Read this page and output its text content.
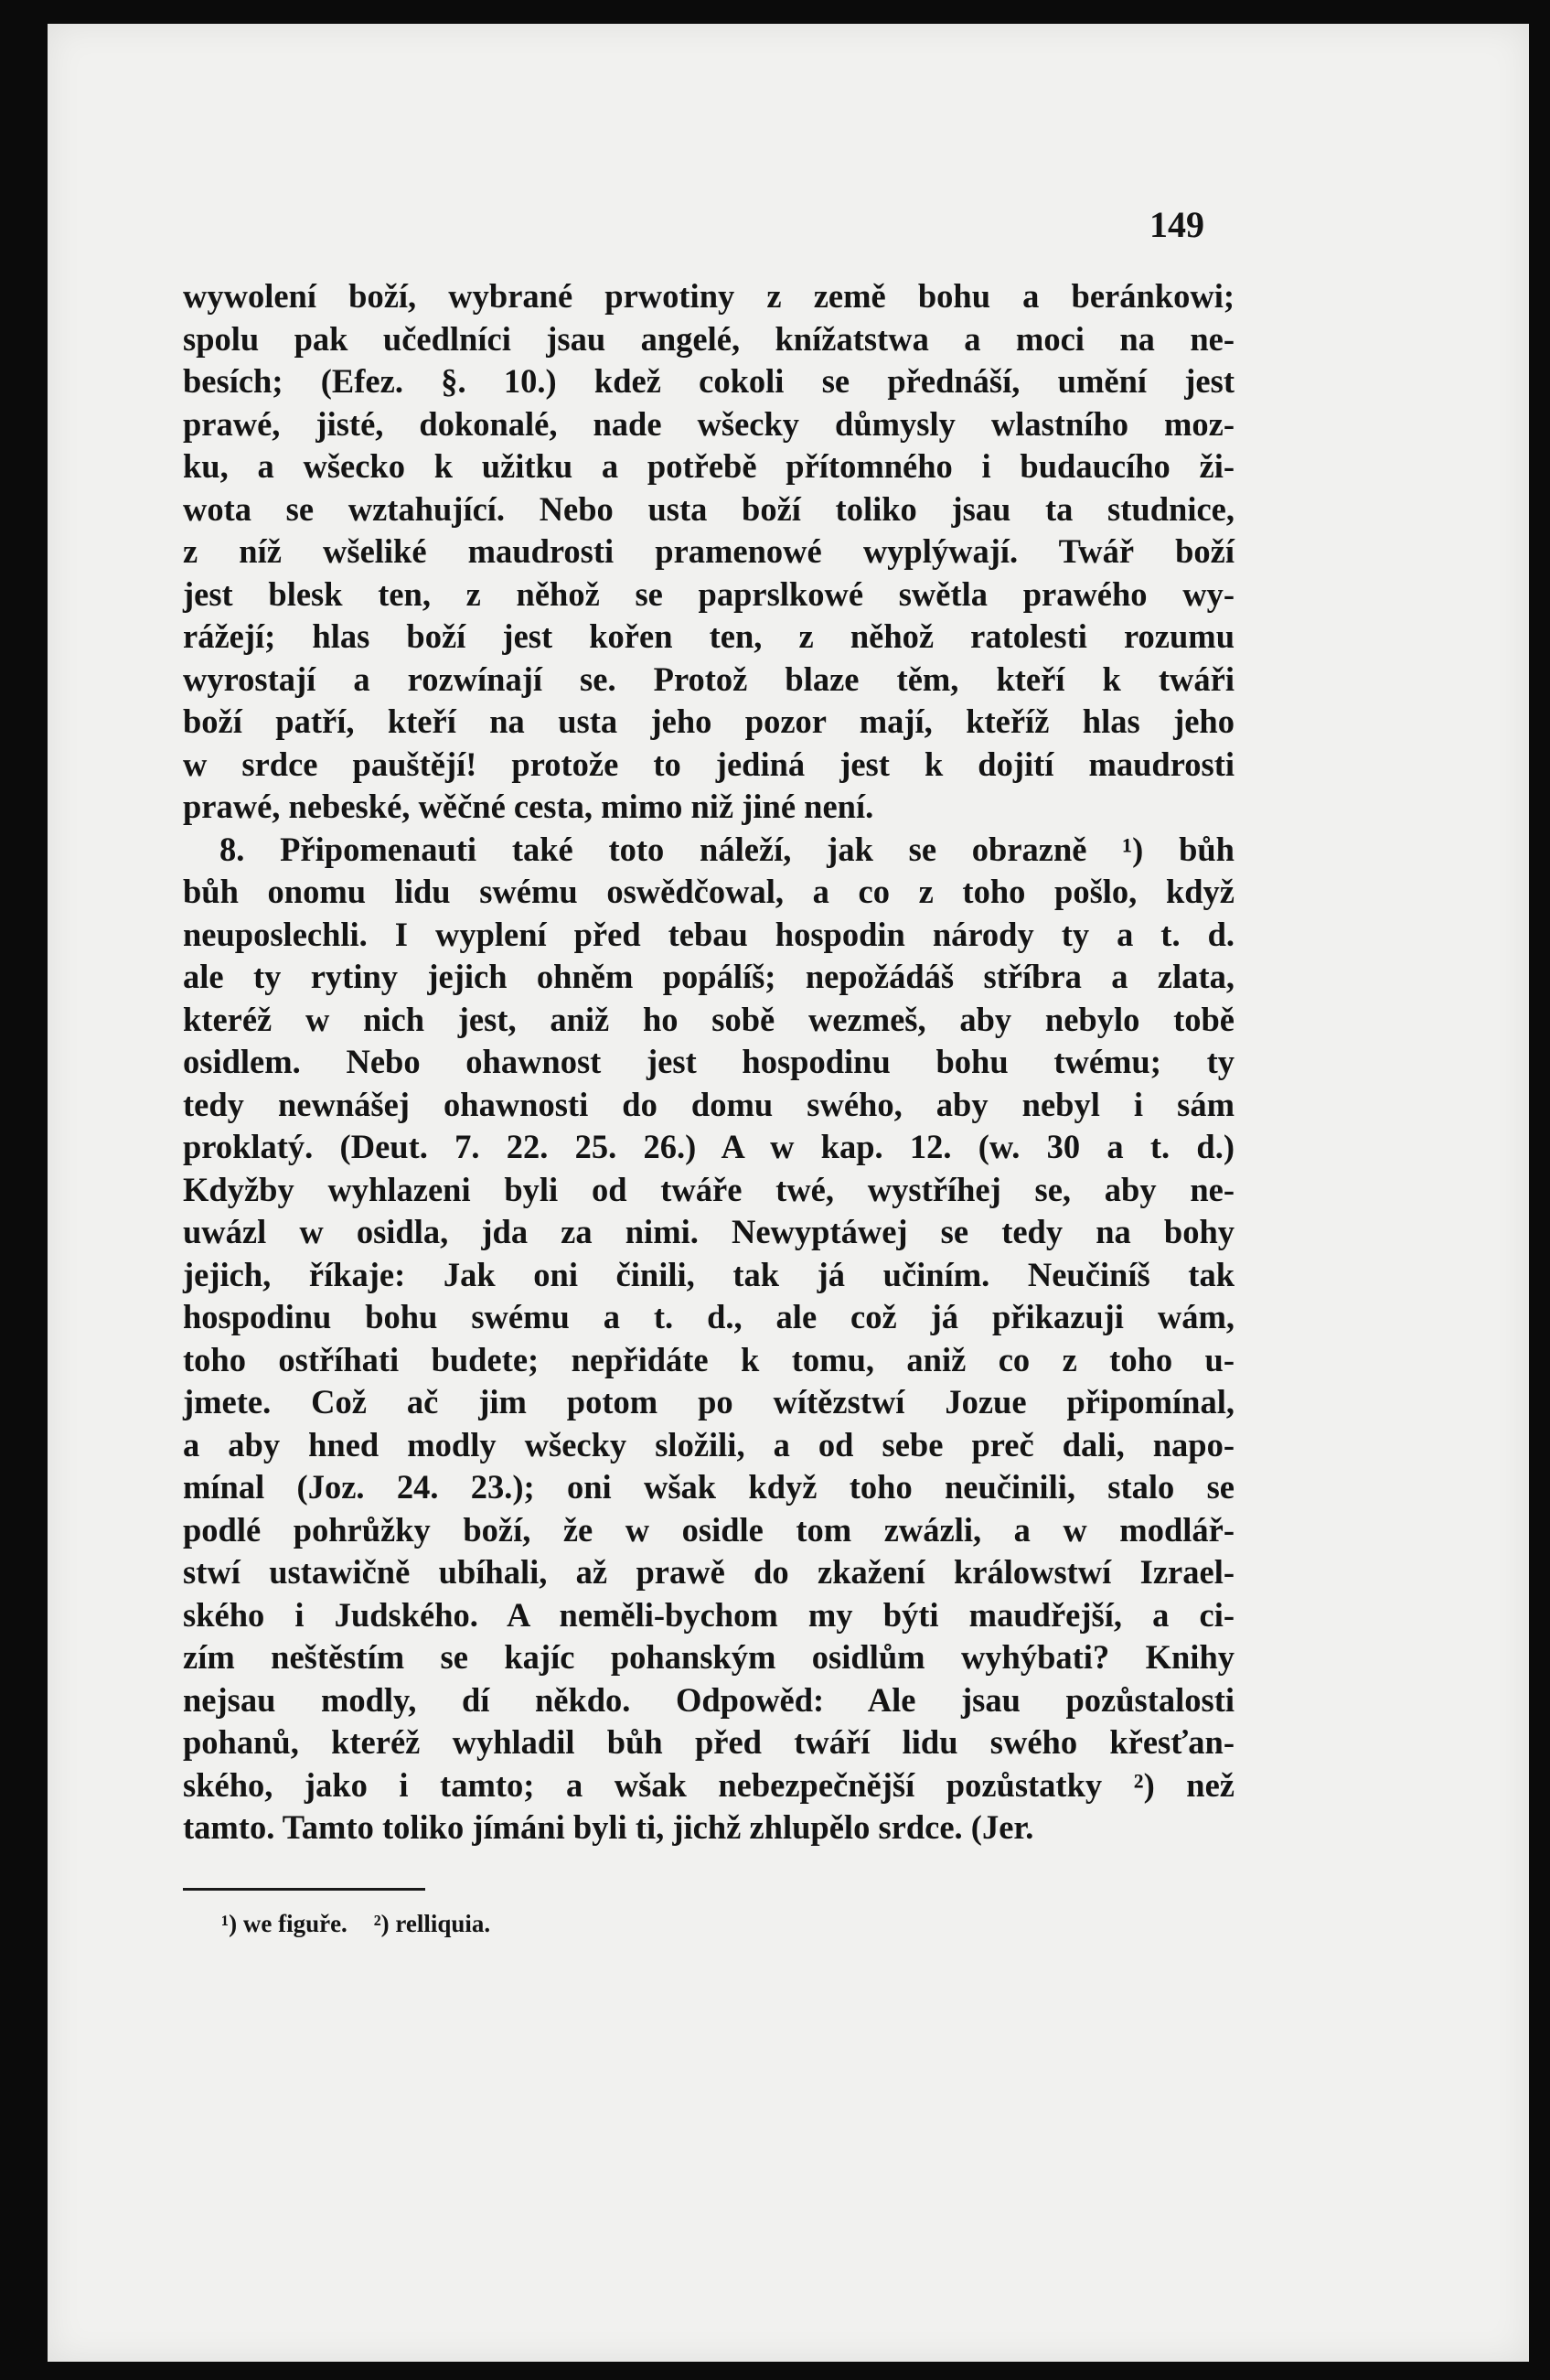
149
wywolení boží, wybrané prwotiny z země bohu a beránkowi;
spolu pak učedlníci jsau angelé, knížatstwa a moci na ne-
besích; (Efez. §. 10.) kdež cokoli se přednáší, umění jest
prawé, jisté, dokonalé, nade wšecky důmysly wlastního moz-
ku, a wšecko k užitku a potřebě přítomného i budaucího ži-
wota se wztahující. Nebo usta boží toliko jsau ta studnice,
z níž wšeliké maudrosti pramenowé wyplýwají. Twář boží
jest blesk ten, z něhož se paprslkowé swětla prawého wy-
rážejí; hlas boží jest kořen ten, z něhož ratolesti rozumu
wyrostají a rozwínají se. Protož blaze těm, kteří k twáři
boží patří, kteří na usta jeho pozor mají, kteříž hlas jeho
w srdce pauštějí! protože to jediná jest k dojití maudrosti
prawé, nebeské, wěčné cesta, mimo niž jiné není.
8. Připomenauti také toto náleží, jak se obrazně ¹) bůh
bůh onomu lidu swému oswědčowal, a co z toho pošlo, když
neuposlechli. I wyplení před tebau hospodin národy ty a t. d.
ale ty rytiny jejich ohněm popálíš; nepožádáš stříbra a zlata,
kteréž w nich jest, aniž ho sobě wezmeš, aby nebylo tobě
osidlem. Nebo ohawnost jest hospodinu bohu twému; ty
tedy newnášej ohawnosti do domu swého, aby nebyl i sám
proklatý. (Deut. 7. 22. 25. 26.) A w kap. 12. (w. 30 a t. d.)
Kdyžby wyhlazeni byli od twáře twé, wystříhej se, aby ne-
uwázl w osidla, jda za nimi. Newyptáwej se tedy na bohy
jejich, říkaje: Jak oni činili, tak já učiním. Neučiníš tak
hospodinu bohu swému a t. d., ale což já přikazuji wám,
toho ostříhati budete; nepřidáte k tomu, aniž co z toho u-
jmete. Což ač jim potom po wítězstwí Jozue připomínal,
a aby hned modly wšecky složili, a od sebe preč dali, napo-
mínal (Joz. 24. 23.); oni wšak když toho neučinili, stalo se
podlé pohrůžky boží, že w osidle tom zwázli, a w modlář-
stwí ustawičně ubíhali, až prawě do zkažení králowstwí Izrael-
ského i Judského. A neměli-bychom my býti maudřejší, a ci-
zím neštěstím se kajíc pohanským osidlům wyhýbati? Knihy
nejsau modly, dí někdo. Odpowěd: Ale jsau pozůstalosti
pohanů, kteréž wyhladil bůh před twáří lidu swého křesťan-
ského, jako i tamto; a wšak nebezpečnější pozůstatky ²) než
tamto. Tamto toliko jímáni byli ti, jichž zhlupělo srdce. (Jer.
¹) we figuře. ²) relliquia.
